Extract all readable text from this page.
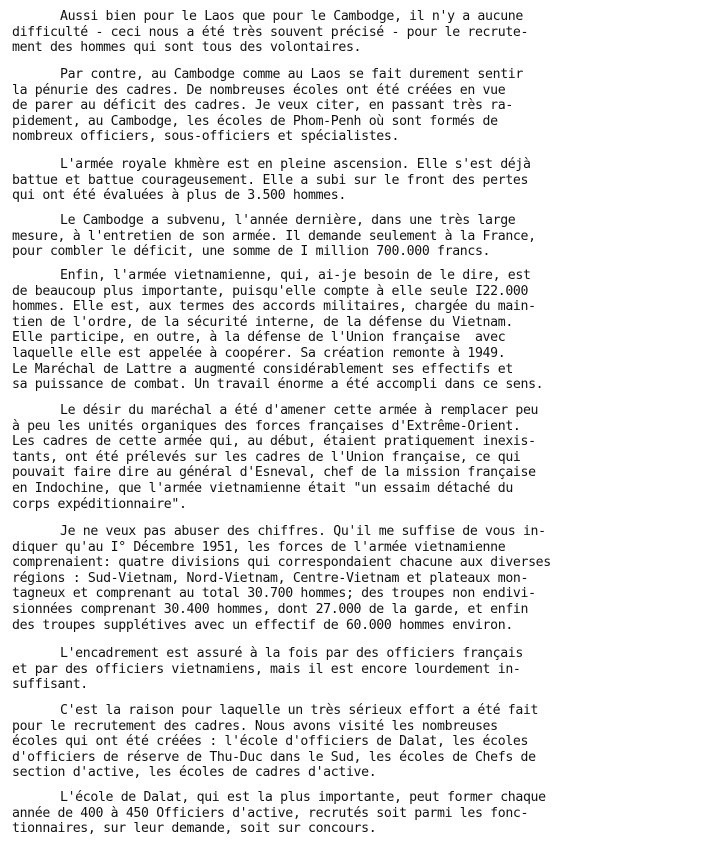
Aussi bien pour le Laos que pour le Cambodge, il n'y a aucune
difficulté - ceci nous a été très souvent précisé - pour le recrute-
ment des hommes qui sont tous des volontaires.
Par contre, au Cambodge comme au Laos se fait durement sentir
la pénurie des cadres. De nombreuses écoles ont été créées en vue
de parer au déficit des cadres. Je veux citer, en passant très ra-
pidement, au Cambodge, les écoles de Phom-Penh où sont formés de
nombreux officiers, sous-officiers et spécialistes.
L'armée royale khmère est en pleine ascension. Elle s'est déjà
battue et battue courageusement. Elle a subi sur le front des pertes
qui ont été évaluées à plus de 3.500 hommes.
Le Cambodge a subvenu, l'année dernière, dans une très large
mesure, à l'entretien de son armée. Il demande seulement à la France,
pour combler le déficit, une somme de I million 700.000 francs.
Enfin, l'armée vietnamienne, qui, ai-je besoin de le dire, est
de beaucoup plus importante, puisqu'elle compte à elle seule I22.000
hommes. Elle est, aux termes des accords militaires, chargée du main-
tien de l'ordre, de la sécurité interne, de la défense du Vietnam.
Elle participe, en outre, à la défense de l'Union française  avec
laquelle elle est appelée à coopérer. Sa création remonte à 1949.
Le Maréchal de Lattre a augmenté considérablement ses effectifs et
sa puissance de combat. Un travail énorme a été accompli dans ce sens.
Le désir du maréchal a été d'amener cette armée à remplacer peu
à peu les unités organiques des forces françaises d'Extrême-Orient.
Les cadres de cette armée qui, au début, étaient pratiquement inexis-
tants, ont été prélevés sur les cadres de l'Union française, ce qui
pouvait faire dire au général d'Esneval, chef de la mission française
en Indochine, que l'armée vietnamienne était "un essaim détaché du
corps expéditionnaire".
Je ne veux pas abuser des chiffres. Qu'il me suffise de vous in-
diquer qu'au I° Décembre 1951, les forces de l'armée vietnamienne
comprenaient: quatre divisions qui correspondaient chacune aux diverses
régions : Sud-Vietnam, Nord-Vietnam, Centre-Vietnam et plateaux mon-
tagneux et comprenant au total 30.700 hommes; des troupes non endivi-
sionnées comprenant 30.400 hommes, dont 27.000 de la garde, et enfin
des troupes supplétives avec un effectif de 60.000 hommes environ.
L'encadrement est assuré à la fois par des officiers français
et par des officiers vietnamiens, mais il est encore lourdement in-
suffisant.
C'est la raison pour laquelle un très sérieux effort a été fait
pour le recrutement des cadres. Nous avons visité les nombreuses
écoles qui ont été créées : l'école d'officiers de Dalat, les écoles
d'officiers de réserve de Thu-Duc dans le Sud, les écoles de Chefs de
section d'active, les écoles de cadres d'active.
L'école de Dalat, qui est la plus importante, peut former chaque
année de 400 à 450 Officiers d'active, recrutés soit parmi les fonc-
tionnaires, sur leur demande, soit sur concours.
